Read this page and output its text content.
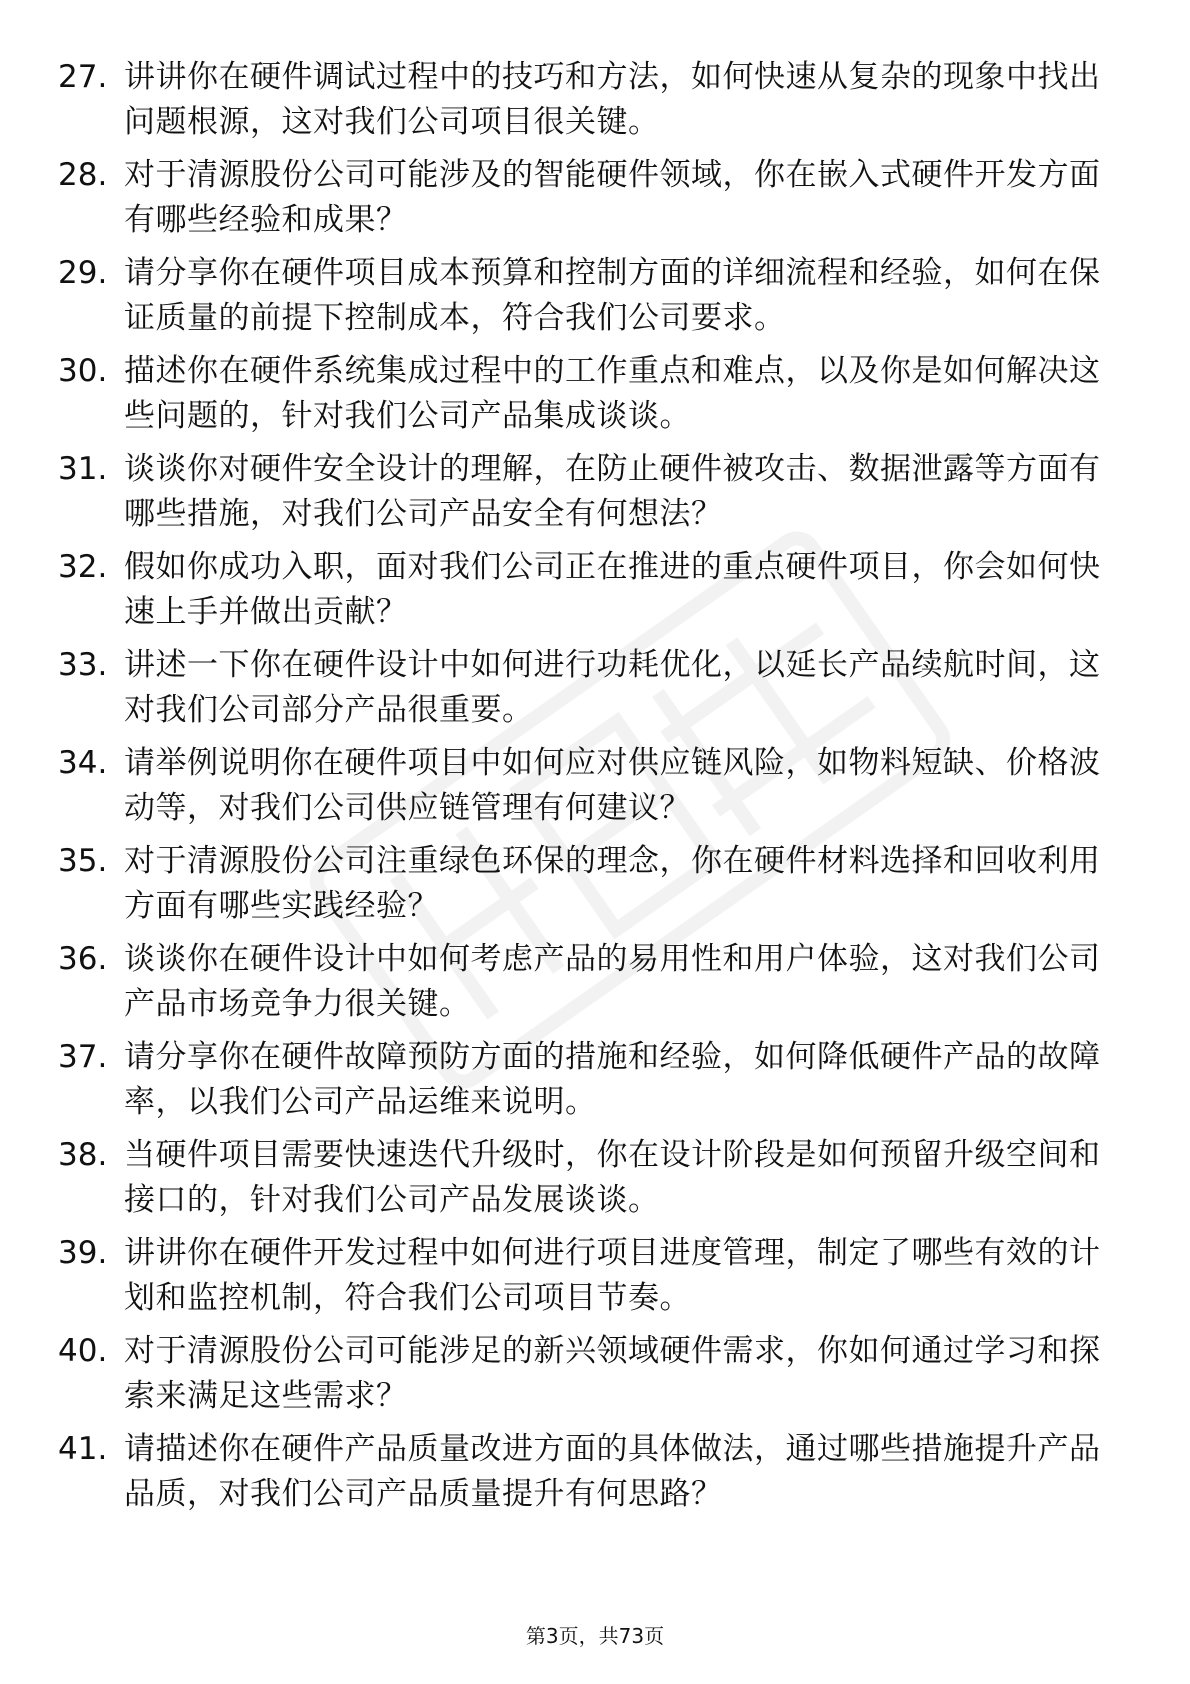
27. 讲讲你在硬件调试过程中的技巧和方法，如何快速从复杂的现象中找出问题根源，这对我们公司项目很关键。
28. 对于清源股份公司可能涉及的智能硬件领域，你在嵌入式硬件开发方面有哪些经验和成果？
29. 请分享你在硬件项目成本预算和控制方面的详细流程和经验，如何在保证质量的前提下控制成本，符合我们公司要求。
30. 描述你在硬件系统集成过程中的工作重点和难点，以及你是如何解决这些问题的，针对我们公司产品集成谈谈。
31. 谈谈你对硬件安全设计的理解，在防止硬件被攻击、数据泄露等方面有哪些措施，对我们公司产品安全有何想法？
32. 假如你成功入职，面对我们公司正在推进的重点硬件项目，你会如何快速上手并做出贡献？
33. 讲述一下你在硬件设计中如何进行功耗优化，以延长产品续航时间，这对我们公司部分产品很重要。
34. 请举例说明你在硬件项目中如何应对供应链风险，如物料短缺、价格波动等，对我们公司供应链管理有何建议？
35. 对于清源股份公司注重绿色环保的理念，你在硬件材料选择和回收利用方面有哪些实践经验？
36. 谈谈你在硬件设计中如何考虑产品的易用性和用户体验，这对我们公司产品市场竞争力很关键。
37. 请分享你在硬件故障预防方面的措施和经验，如何降低硬件产品的故障率，以我们公司产品运维来说明。
38. 当硬件项目需要快速迭代升级时，你在设计阶段是如何预留升级空间和接口的，针对我们公司产品发展谈谈。
39. 讲讲你在硬件开发过程中如何进行项目进度管理，制定了哪些有效的计划和监控机制，符合我们公司项目节奏。
40. 对于清源股份公司可能涉足的新兴领域硬件需求，你如何通过学习和探索来满足这些需求？
41. 请描述你在硬件产品质量改进方面的具体做法，通过哪些措施提升产品品质，对我们公司产品质量提升有何思路？
第3页，共73页
